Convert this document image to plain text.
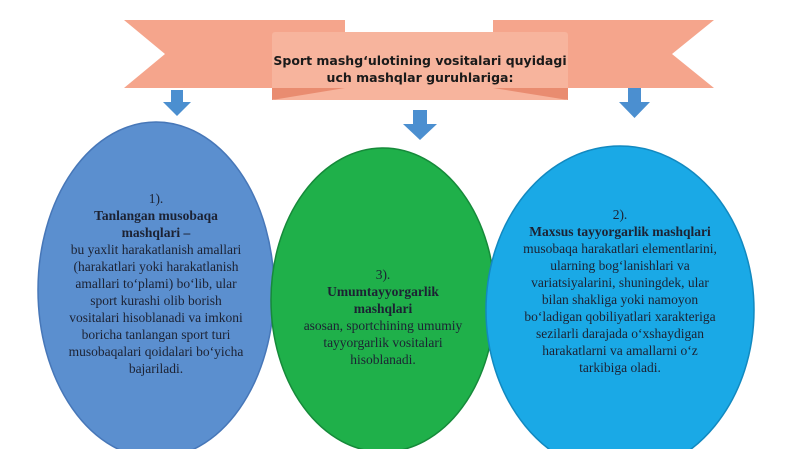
Sport mashg‘ulotining vositalari quyidagi uch mashqlar guruhlariga:
1).
Tanlangan musobaqa mashqlari –
bu yaxlit harakatlanish amallari (harakatlari yoki harakatlanish amallari to‘plami) bo‘lib, ular sport kurashi olib borish vositalari hisoblanadi va imkoni boricha tanlangan sport turi musobaqalari qoidalari bo‘yicha bajariladi.
3).
Umumtayyorgarlik mashqlari
asosan, sportchining umumiy tayyorgarlik vositalari hisoblanadi.
2).
Maxsus tayyorgarlik mashqlari
musobaqa harakatlari elementlarini, ularning bog‘lanishlari va variatsiyalarini, shuningdek, ular bilan shakliga yoki namoyon bo‘ladigan qobiliyatlari xarakteriga sezilarli darajada o‘xshaydigan harakatlarni va amallarni o‘z tarkibiga oladi.
